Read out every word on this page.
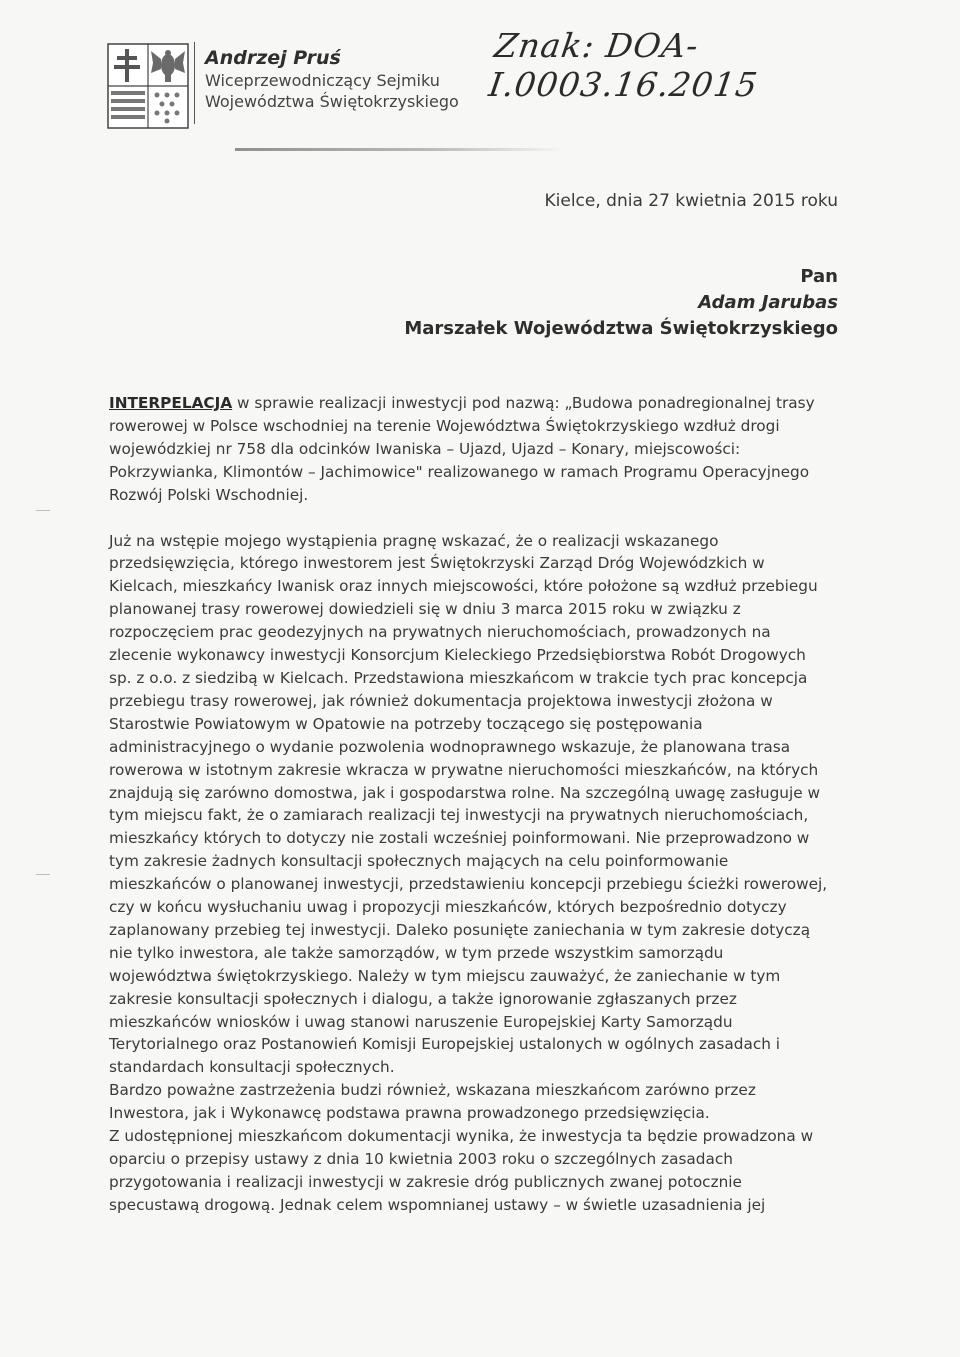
Andrzej Pruś
Wiceprzewodniczący Sejmiku
Województwa Świętokrzyskiego
Znak: DOA-I.0003.16.2015
Kielce, dnia 27 kwietnia 2015 roku
Pan
Adam Jarubas
Marszałek Województwa Świętokrzyskiego

INTERPELACJA w sprawie realizacji inwestycji pod nazwą: „Budowa ponadregionalnej trasy rowerowej w Polsce wschodniej na terenie Województwa Świętokrzyskiego wzdłuż drogi wojewódzkiej nr 758 dla odcinków Iwaniska – Ujazd, Ujazd – Konary, miejscowości: Pokrzywianka, Klimontów – Jachimowice" realizowanego w ramach Programu Operacyjnego Rozwój Polski Wschodniej.

Już na wstępie mojego wystąpienia pragnę wskazać, że o realizacji wskazanego przedsięwzięcia, którego inwestorem jest Świętokrzyski Zarząd Dróg Wojewódzkich w Kielcach, mieszkańcy Iwanisk oraz innych miejscowości, które położone są wzdłuż przebiegu planowanej trasy rowerowej dowiedzieli się w dniu 3 marca 2015 roku w związku z rozpoczęciem prac geodezyjnych na prywatnych nieruchomościach, prowadzonych na zlecenie wykonawcy inwestycji Konsorcjum Kieleckiego Przedsiębiorstwa Robót Drogowych sp. z o.o. z siedzibą w Kielcach. Przedstawiona mieszkańcom w trakcie tych prac koncepcja przebiegu trasy rowerowej, jak również dokumentacja projektowa inwestycji złożona w Starostwie Powiatowym w Opatowie na potrzeby toczącego się postępowania administracyjnego o wydanie pozwolenia wodnoprawnego wskazuje, że planowana trasa rowerowa w istotnym zakresie wkracza w prywatne nieruchomości mieszkańców, na których znajdują się zarówno domostwa, jak i gospodarstwa rolne. Na szczególną uwagę zasługuje w tym miejscu fakt, że o zamiarach realizacji tej inwestycji na prywatnych nieruchomościach, mieszkańcy których to dotyczy nie zostali wcześniej poinformowani. Nie przeprowadzono w tym zakresie żadnych konsultacji społecznych mających na celu poinformowanie mieszkańców o planowanej inwestycji, przedstawieniu koncepcji przebiegu ścieżki rowerowej, czy w końcu wysłuchaniu uwag i propozycji mieszkańców, których bezpośrednio dotyczy zaplanowany przebieg tej inwestycji. Daleko posunięte zaniechania w tym zakresie dotyczą nie tylko inwestora, ale także samorządów, w tym przede wszystkim samorządu województwa świętokrzyskiego. Należy w tym miejscu zauważyć, że zaniechanie w tym zakresie konsultacji społecznych i dialogu, a także ignorowanie zgłaszanych przez mieszkańców wniosków i uwag stanowi naruszenie Europejskiej Karty Samorządu Terytorialnego oraz Postanowień Komisji Europejskiej ustalonych w ogólnych zasadach i standardach konsultacji społecznych.

Bardzo poważne zastrzeżenia budzi również, wskazana mieszkańcom zarówno przez Inwestora, jak i Wykonawcę podstawa prawna prowadzonego przedsięwzięcia.

Z udostępnionej mieszkańcom dokumentacji wynika, że inwestycja ta będzie prowadzona w oparciu o przepisy ustawy z dnia 10 kwietnia 2003 roku o szczególnych zasadach przygotowania i realizacji inwestycji w zakresie dróg publicznych zwanej potocznie specustawą drogową. Jednak celem wspomnianej ustawy – w świetle uzasadnienia jej
